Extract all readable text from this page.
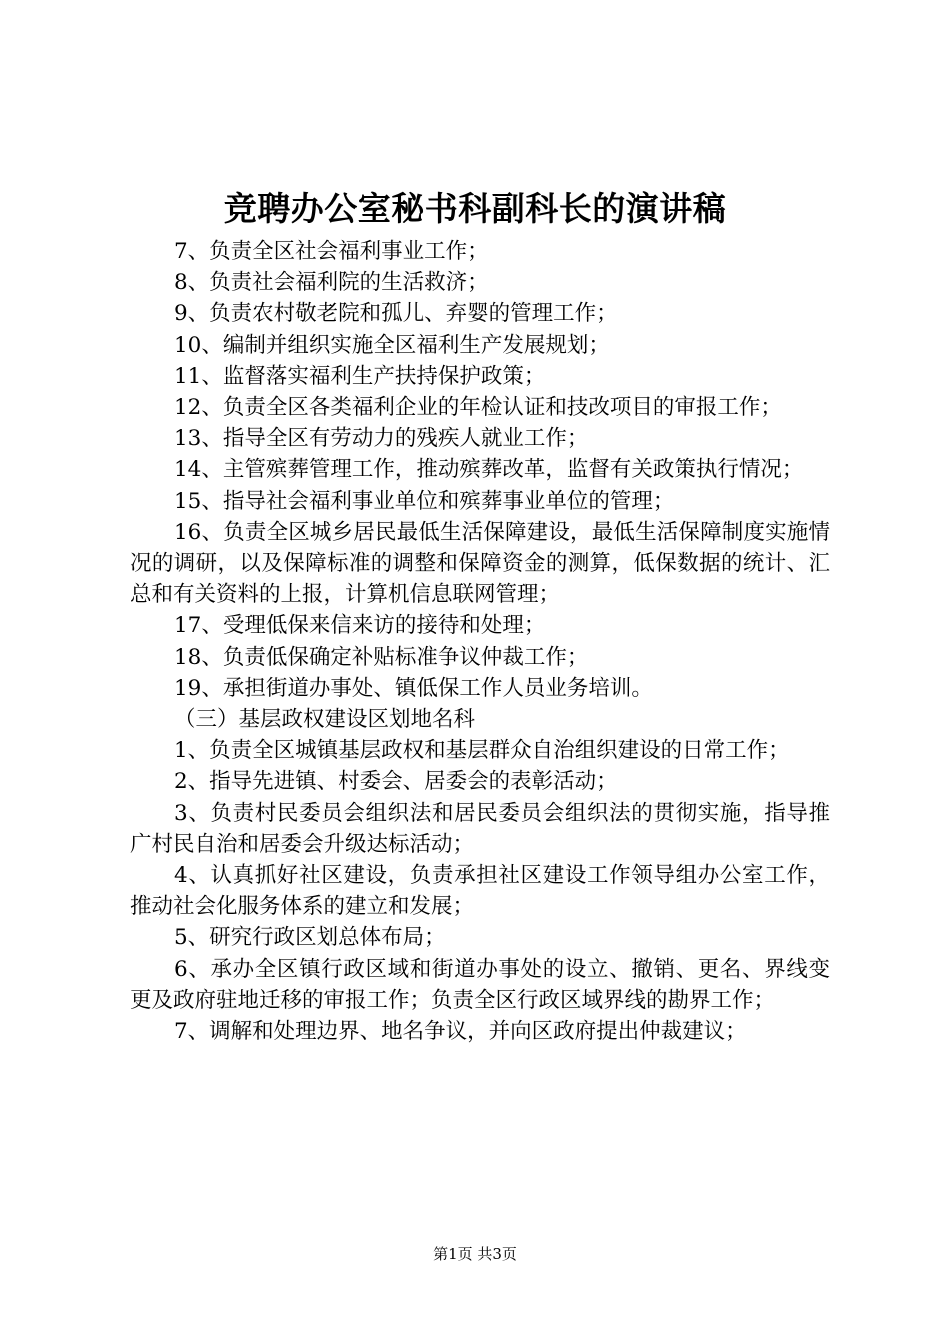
竞聘办公室秘书科副科长的演讲稿

7、负责全区社会福利事业工作；

8、负责社会福利院的生活救济；

9、负责农村敬老院和孤儿、弃婴的管理工作；

10、编制并组织实施全区福利生产发展规划；

11、监督落实福利生产扶持保护政策；

12、负责全区各类福利企业的年检认证和技改项目的审报工作；

13、指导全区有劳动力的残疾人就业工作；

14、主管殡葬管理工作，推动殡葬改革，监督有关政策执行情况；

15、指导社会福利事业单位和殡葬事业单位的管理；

16、负责全区城乡居民最低生活保障建设，最低生活保障制度实施情况的调研，以及保障标准的调整和保障资金的测算，低保数据的统计、汇总和有关资料的上报，计算机信息联网管理；

17、受理低保来信来访的接待和处理；

18、负责低保确定补贴标准争议仲裁工作；

19、承担街道办事处、镇低保工作人员业务培训。

（三）基层政权建设区划地名科

1、负责全区城镇基层政权和基层群众自治组织建设的日常工作；

2、指导先进镇、村委会、居委会的表彰活动；

3、负责村民委员会组织法和居民委员会组织法的贯彻实施，指导推广村民自治和居委会升级达标活动；

4、认真抓好社区建设，负责承担社区建设工作领导组办公室工作，推动社会化服务体系的建立和发展；

5、研究行政区划总体布局；

6、承办全区镇行政区域和街道办事处的设立、撤销、更名、界线变更及政府驻地迁移的审报工作；负责全区行政区域界线的勘界工作；

7、调解和处理边界、地名争议，并向区政府提出仲裁建议；

第1页 共3页
